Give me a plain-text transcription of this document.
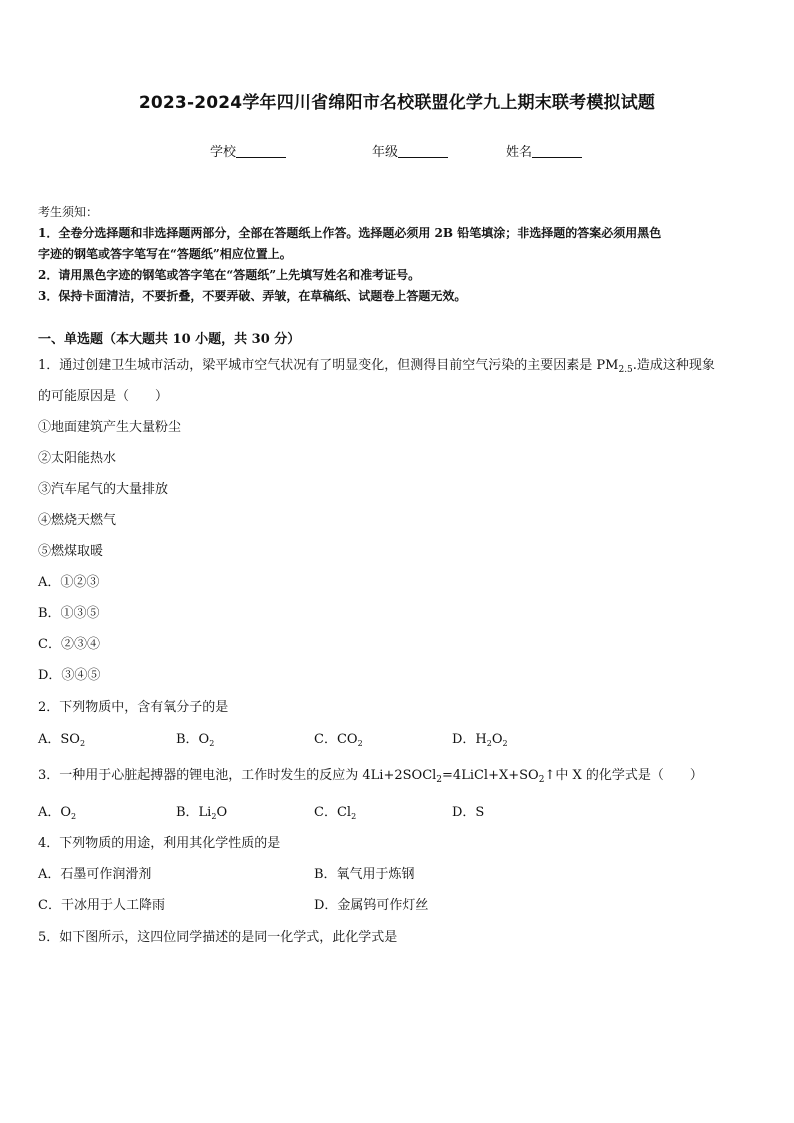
2023-2024学年四川省绵阳市名校联盟化学九上期末联考模拟试题
学校	年级	姓名
考生须知：
1．全卷分选择题和非选择题两部分，全部在答题纸上作答。选择题必须用 2B 铅笔填涂；非选择题的答案必须用黑色
字迹的钢笔或答字笔写在“答题纸”相应位置上。
2．请用黑色字迹的钢笔或答字笔在“答题纸”上先填写姓名和准考证号。
3．保持卡面清洁，不要折叠，不要弄破、弄皱，在草稿纸、试题卷上答题无效。
一、单选题（本大题共 10 小题，共 30 分）
1．通过创建卫生城市活动，梁平城市空气状况有了明显变化，但测得目前空气污染的主要因素是 $PM_{2.5}$.造成这种现象
的可能原因是（　　）
①地面建筑产生大量粉尘
②太阳能热水
③汽车尾气的大量排放
④燃烧天燃气
⑤燃煤取暖
A．①②③
B．①③⑤
C．②③④
D．③④⑤
2．下列物质中，含有氧分子的是
A．$SO_2$	B．$O_2$	C．$CO_2$	D．$H_2O_2$
3．一种用于心脏起搏器的锂电池，工作时发生的反应为 $4Li+2SOCl_2=4LiCl+X+SO_2↑$中 X 的化学式是（　　）
A．$O_2$	B．$Li_2O$	C．$Cl_2$	D．S
4．下列物质的用途，利用其化学性质的是
A．石墨可作润滑剂	B．氧气用于炼钢
C．干冰用于人工降雨	D．金属钨可作灯丝
5．如下图所示，这四位同学描述的是同一化学式，此化学式是
